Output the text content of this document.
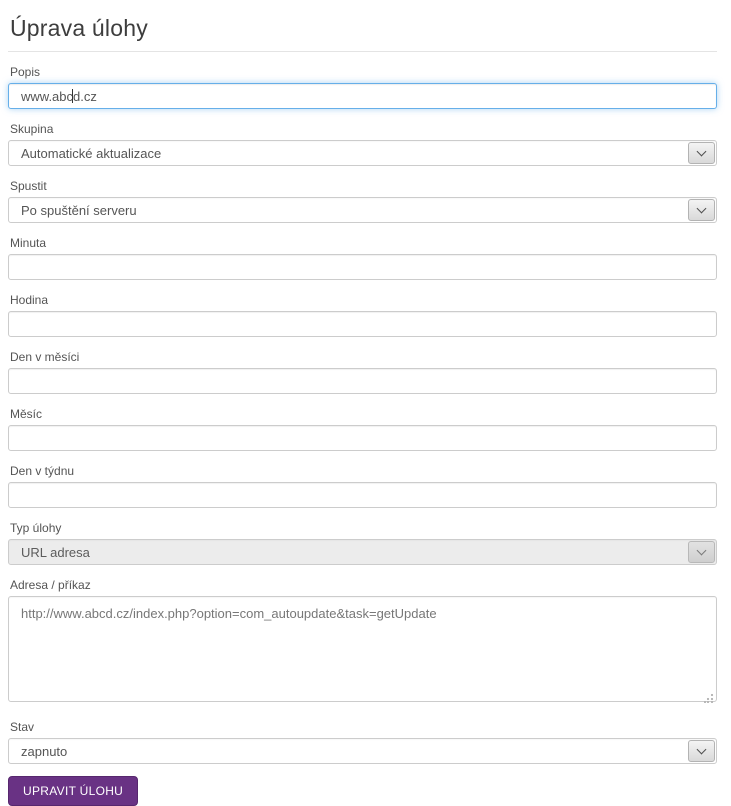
Úprava úlohy
Popis
www.abcd.cz
Skupina
Automatické aktualizace
Spustit
Po spuštění serveru
Minuta
Hodina
Den v měsíci
Měsíc
Den v týdnu
Typ úlohy
URL adresa
Adresa / příkaz
http://www.abcd.cz/index.php?option=com_autoupdate&task=getUpdate
Stav
zapnuto
UPRAVIT ÚLOHU
